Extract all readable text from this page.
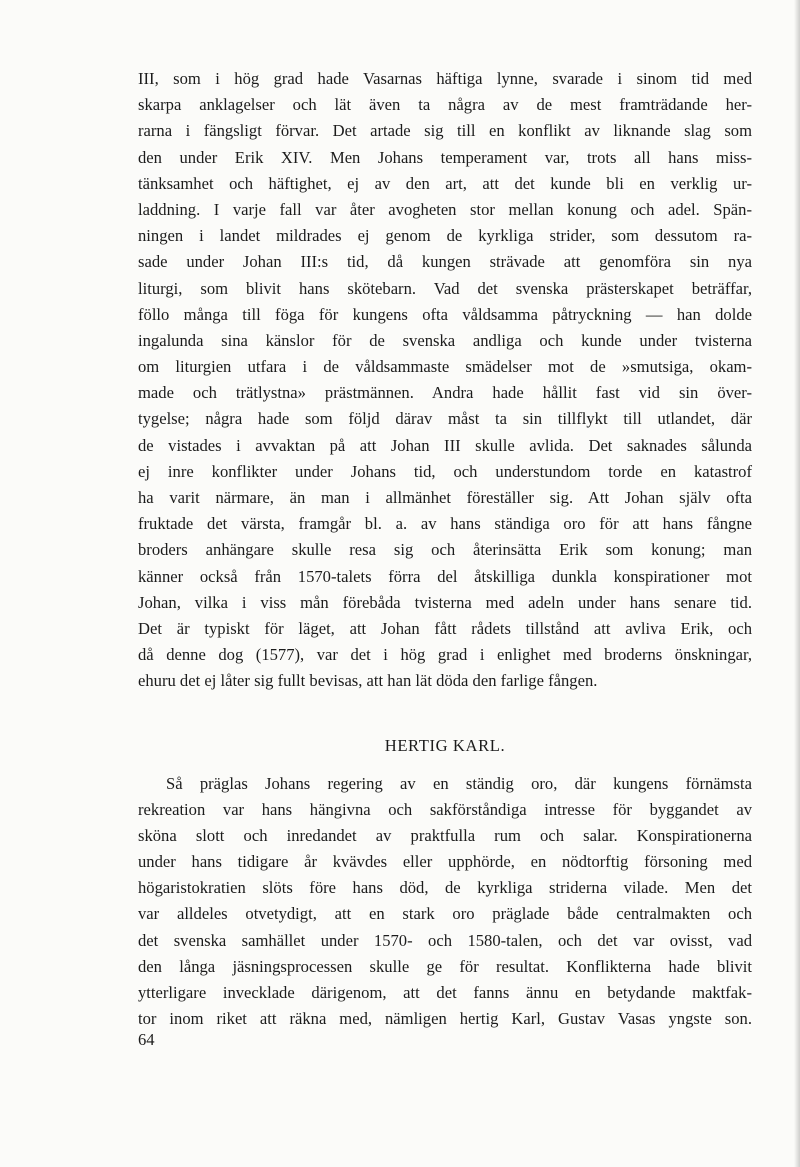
III, som i hög grad hade Vasarnas häftiga lynne, svarade i sinom tid med
skarpa anklagelser och lät även ta några av de mest framträdande her-
rarna i fängsligt förvar. Det artade sig till en konflikt av liknande slag som
den under Erik XIV. Men Johans temperament var, trots all hans miss-
tänksamhet och häftighet, ej av den art, att det kunde bli en verklig ur-
laddning. I varje fall var åter avogheten stor mellan konung och adel. Spän-
ningen i landet mildrades ej genom de kyrkliga strider, som dessutom ra-
sade under Johan III:s tid, då kungen strävade att genomföra sin nya
liturgi, som blivit hans skötebarn. Vad det svenska prästerskapet beträffar,
föllo många till föga för kungens ofta våldsamma påtryckning — han dolde
ingalunda sina känslor för de svenska andliga och kunde under tvisterna
om liturgien utfara i de våldsammaste smädelser mot de »smutsiga, okam-
made och trätlystna» prästmännen. Andra hade hållit fast vid sin över-
tygelse; några hade som följd därav måst ta sin tillflykt till utlandet, där
de vistades i avvaktan på att Johan III skulle avlida. Det saknades sålunda
ej inre konflikter under Johans tid, och understundom torde en katastrof
ha varit närmare, än man i allmänhet föreställer sig. Att Johan själv ofta
fruktade det värsta, framgår bl. a. av hans ständiga oro för att hans fångne
broders anhängare skulle resa sig och återinsätta Erik som konung; man
känner också från 1570-talets förra del åtskilliga dunkla konspirationer mot
Johan, vilka i viss mån förebåda tvisterna med adeln under hans senare tid.
Det är typiskt för läget, att Johan fått rådets tillstånd att avliva Erik, och
då denne dog (1577), var det i hög grad i enlighet med broderns önskningar,
ehuru det ej låter sig fullt bevisas, att han lät döda den farlige fången.
HERTIG KARL.
Så präglas Johans regering av en ständig oro, där kungens förnämsta
rekreation var hans hängivna och sakförståndiga intresse för byggandet av
sköna slott och inredandet av praktfulla rum och salar. Konspirationerna
under hans tidigare år kvävdes eller upphörde, en nödtorftig försoning med
högaristokratien slöts före hans död, de kyrkliga striderna vilade. Men det
var alldeles otvetydigt, att en stark oro präglade både centralmakten och
det svenska samhället under 1570- och 1580-talen, och det var ovisst, vad
den långa jäsningsprocessen skulle ge för resultat. Konflikterna hade blivit
ytterligare invecklade därigenom, att det fanns ännu en betydande maktfak-
tor inom riket att räkna med, nämligen hertig Karl, Gustav Vasas yngste son.
64
